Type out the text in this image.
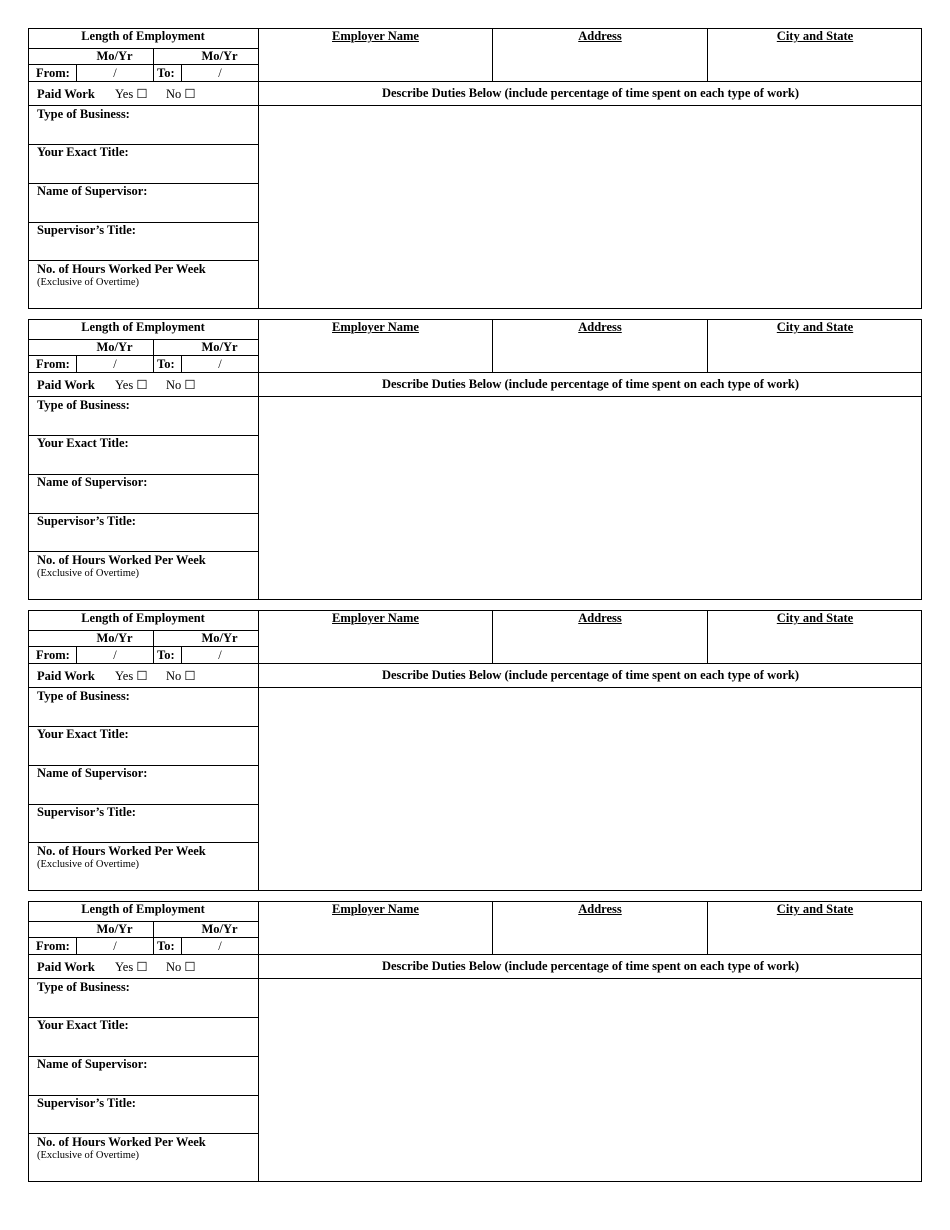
Length of Employment
Mo/Yr	Mo/Yr
From:	/	To:	/
Employer Name	Address	City and State
Paid Work Yes ☐ No ☐	Describe Duties Below (include percentage of time spent on each type of work)
Type of Business:
Your Exact Title:
Name of Supervisor:
Supervisor’s Title:
No. of Hours Worked Per Week
(Exclusive of Overtime)
Length of Employment
Mo/Yr	Mo/Yr
From:	/	To:	/
Employer Name	Address	City and State
Paid Work Yes ☐ No ☐	Describe Duties Below (include percentage of time spent on each type of work)
Type of Business:
Your Exact Title:
Name of Supervisor:
Supervisor’s Title:
No. of Hours Worked Per Week
(Exclusive of Overtime)
Length of Employment
Mo/Yr	Mo/Yr
From:	/	To:	/
Employer Name	Address	City and State
Paid Work Yes ☐ No ☐	Describe Duties Below (include percentage of time spent on each type of work)
Type of Business:
Your Exact Title:
Name of Supervisor:
Supervisor’s Title:
No. of Hours Worked Per Week
(Exclusive of Overtime)
Length of Employment
Mo/Yr	Mo/Yr
From:	/	To:	/
Employer Name	Address	City and State
Paid Work Yes ☐ No ☐	Describe Duties Below (include percentage of time spent on each type of work)
Type of Business:
Your Exact Title:
Name of Supervisor:
Supervisor’s Title:
No. of Hours Worked Per Week
(Exclusive of Overtime)
